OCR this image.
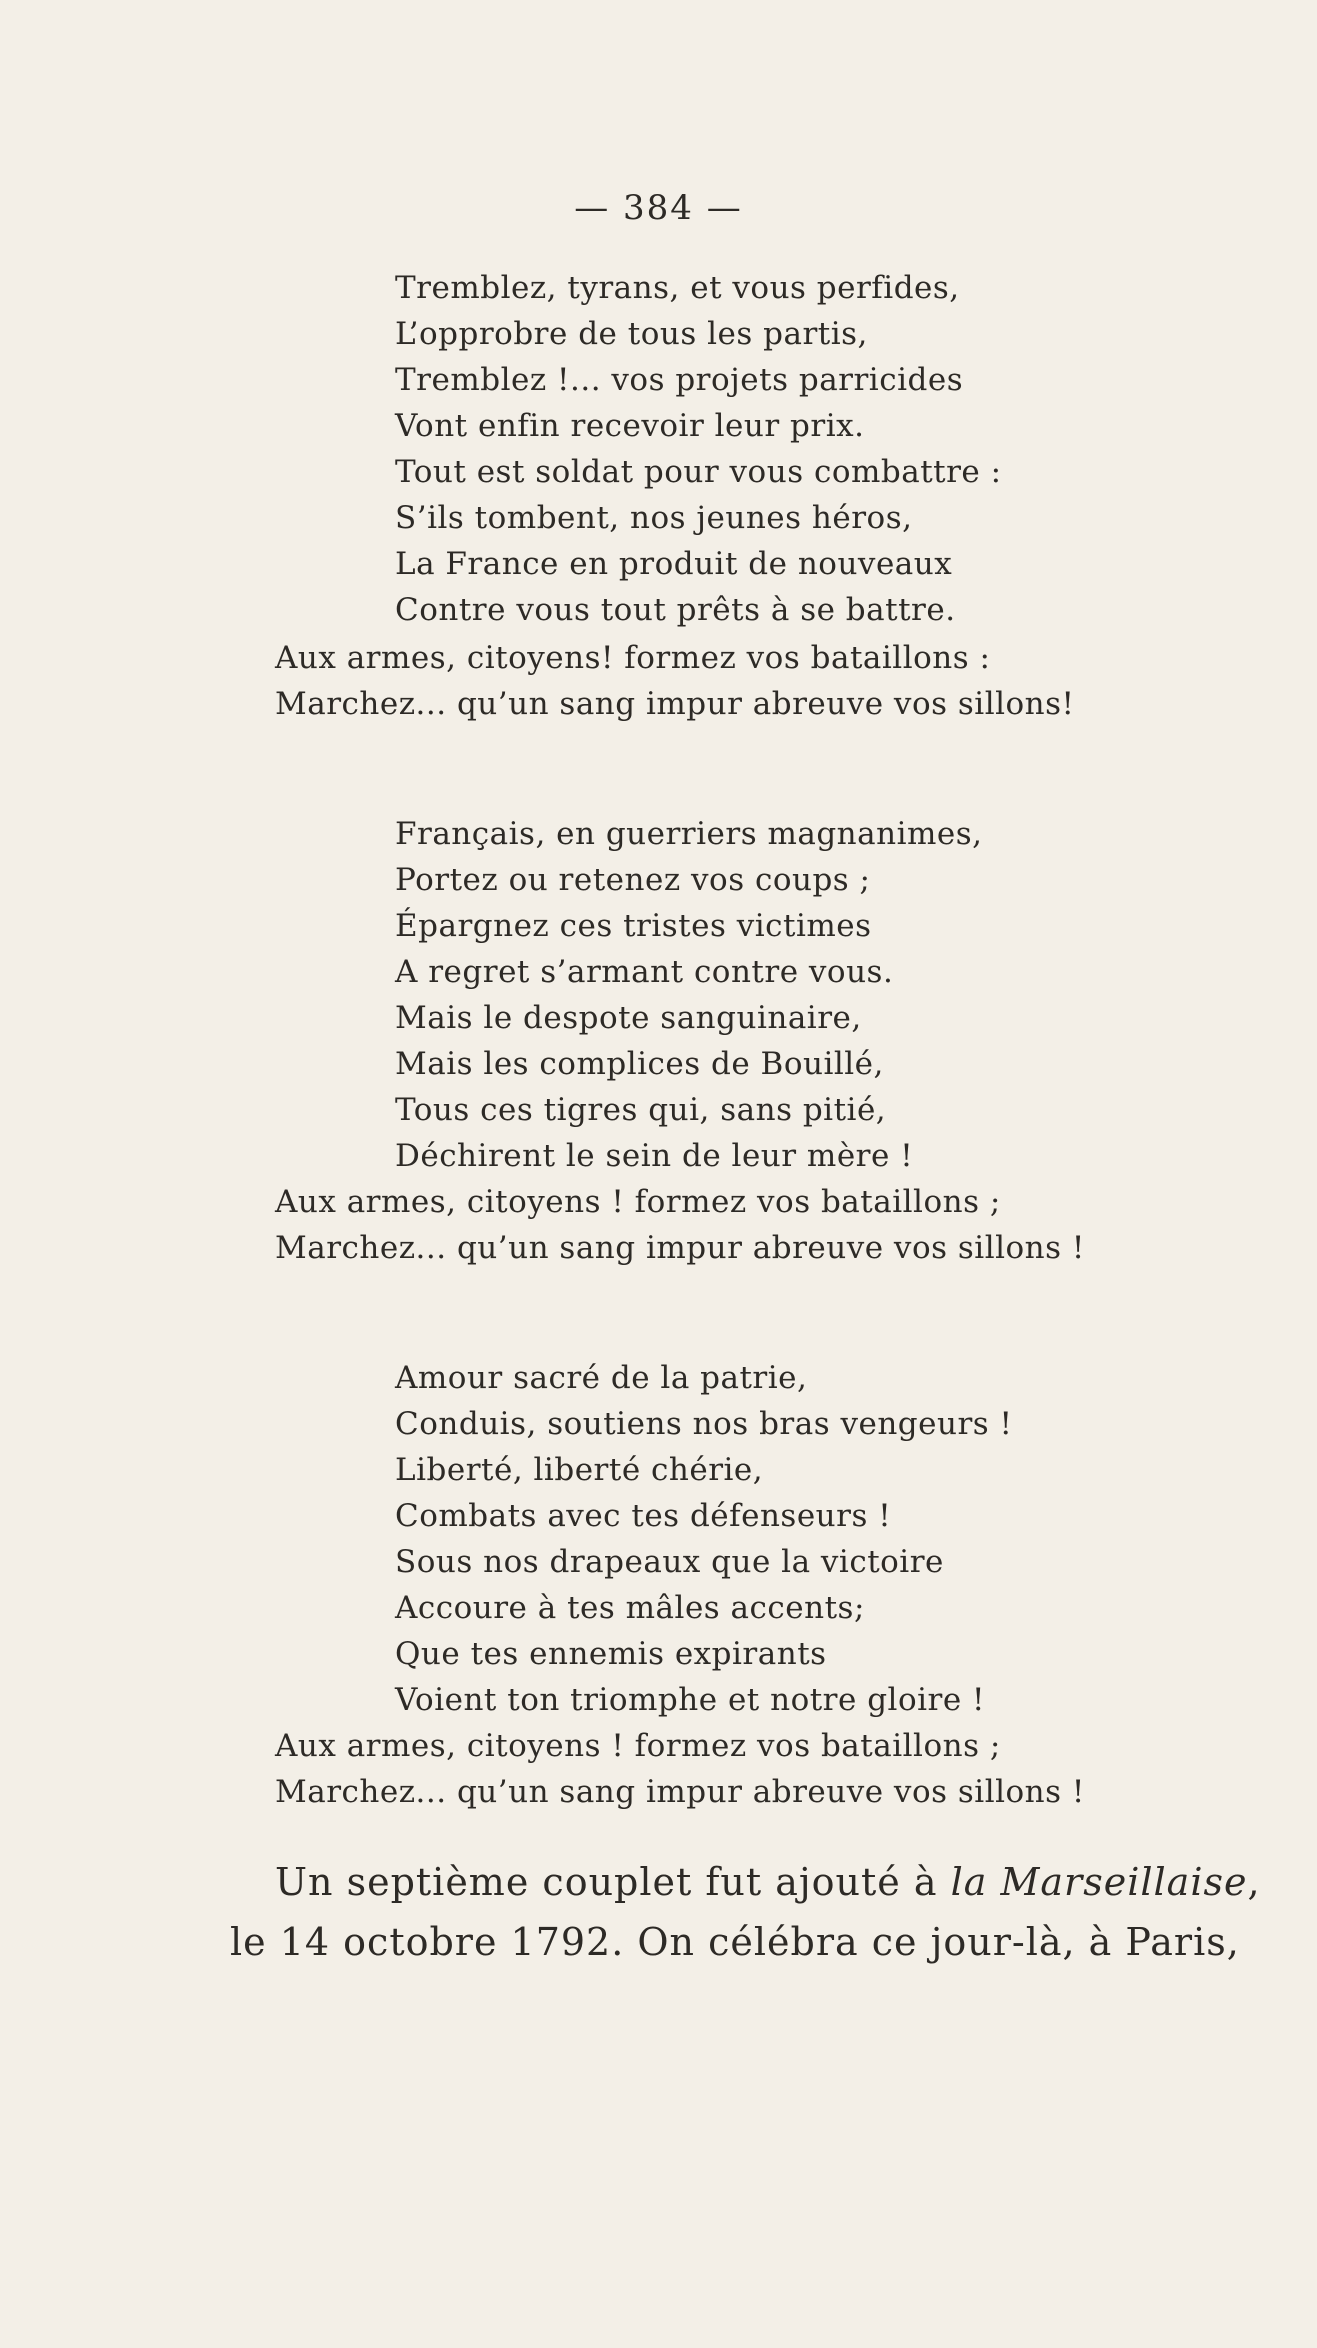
— 384 —
Tremblez, tyrans, et vous perfides,
L’opprobre de tous les partis,
Tremblez !... vos projets parricides
Vont enfin recevoir leur prix.
Tout est soldat pour vous combattre :
S’ils tombent, nos jeunes héros,
La France en produit de nouveaux
Contre vous tout prêts à se battre.
Aux armes, citoyens! formez vos bataillons :
Marchez... qu’un sang impur abreuve vos sillons!
Français, en guerriers magnanimes,
Portez ou retenez vos coups ;
Épargnez ces tristes victimes
A regret s’armant contre vous.
Mais le despote sanguinaire,
Mais les complices de Bouillé,
Tous ces tigres qui, sans pitié,
Déchirent le sein de leur mère !
Aux armes, citoyens ! formez vos bataillons ;
Marchez... qu’un sang impur abreuve vos sillons !
Amour sacré de la patrie,
Conduis, soutiens nos bras vengeurs !
Liberté, liberté chérie,
Combats avec tes défenseurs !
Sous nos drapeaux que la victoire
Accoure à tes mâles accents;
Que tes ennemis expirants
Voient ton triomphe et notre gloire !
Aux armes, citoyens ! formez vos bataillons ;
Marchez... qu’un sang impur abreuve vos sillons !
Un septième couplet fut ajouté à la Marseillaise,
le 14 octobre 1792. On célébra ce jour-là, à Paris,
